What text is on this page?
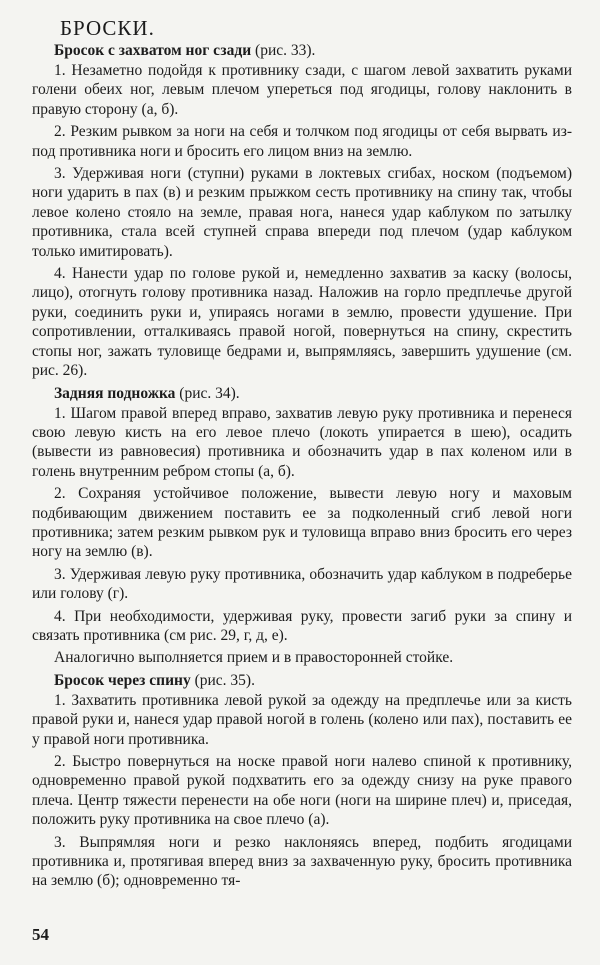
БРОСКИ.
Бросок с захватом ног сзади (рис. 33).

1. Незаметно подойдя к противнику сзади, с шагом левой захватить руками голени обеих ног, левым плечом упереться под ягодицы, голову наклонить в правую сторону (а, б).

2. Резким рывком за ноги на себя и толчком под ягодицы от себя вырвать из-под противника ноги и бросить его лицом вниз на землю.

3. Удерживая ноги (ступни) руками в локтевых сгибах, носком (подъемом) ноги ударить в пах (в) и резким прыжком сесть противнику на спину так, чтобы левое колено стояло на земле, правая нога, нанеся удар каблуком по затылку противника, стала всей ступней справа впереди под плечом (удар каблуком только имитировать).

4. Нанести удар по голове рукой и, немедленно захватив за каску (волосы, лицо), отогнуть голову противника назад. Наложив на горло предплечье другой руки, соединить руки и, упираясь ногами в землю, провести удушение. При сопротивлении, отталкиваясь правой ногой, повернуться на спину, скрестить стопы ног, зажать туловище бедрами и, выпрямляясь, завершить удушение (см. рис. 26).

Задняя подножка (рис. 34).

1. Шагом правой вперед вправо, захватив левую руку противника и перенеся свою левую кисть на его левое плечо (локоть упирается в шею), осадить (вывести из равновесия) противника и обозначить удар в пах коленом или в голень внутренним ребром стопы (а, б).

2. Сохраняя устойчивое положение, вывести левую ногу и маховым подбивающим движением поставить ее за подколенный сгиб левой ноги противника; затем резким рывком рук и туловища вправо вниз бросить его через ногу на землю (в).

3. Удерживая левую руку противника, обозначить удар каблуком в подреберье или голову (г).

4. При необходимости, удерживая руку, провести загиб руки за спину и связать противника (см рис. 29, г, д, е).

Аналогично выполняется прием и в правосторонней стойке.

Бросок через спину (рис. 35).

1. Захватить противника левой рукой за одежду на предплечье или за кисть правой руки и, нанеся удар правой ногой в голень (колено или пах), поставить ее у правой ноги противника.

2. Быстро повернуться на носке правой ноги налево спиной к противнику, одновременно правой рукой подхватить его за одежду снизу на руке правого плеча. Центр тяжести перенести на обе ноги (ноги на ширине плеч) и, приседая, положить руку противника на свое плечо (а).

3. Выпрямляя ноги и резко наклоняясь вперед, подбить ягодицами противника и, протягивая вперед вниз за захваченную руку, бросить противника на землю (б); одновременно тя-

54
